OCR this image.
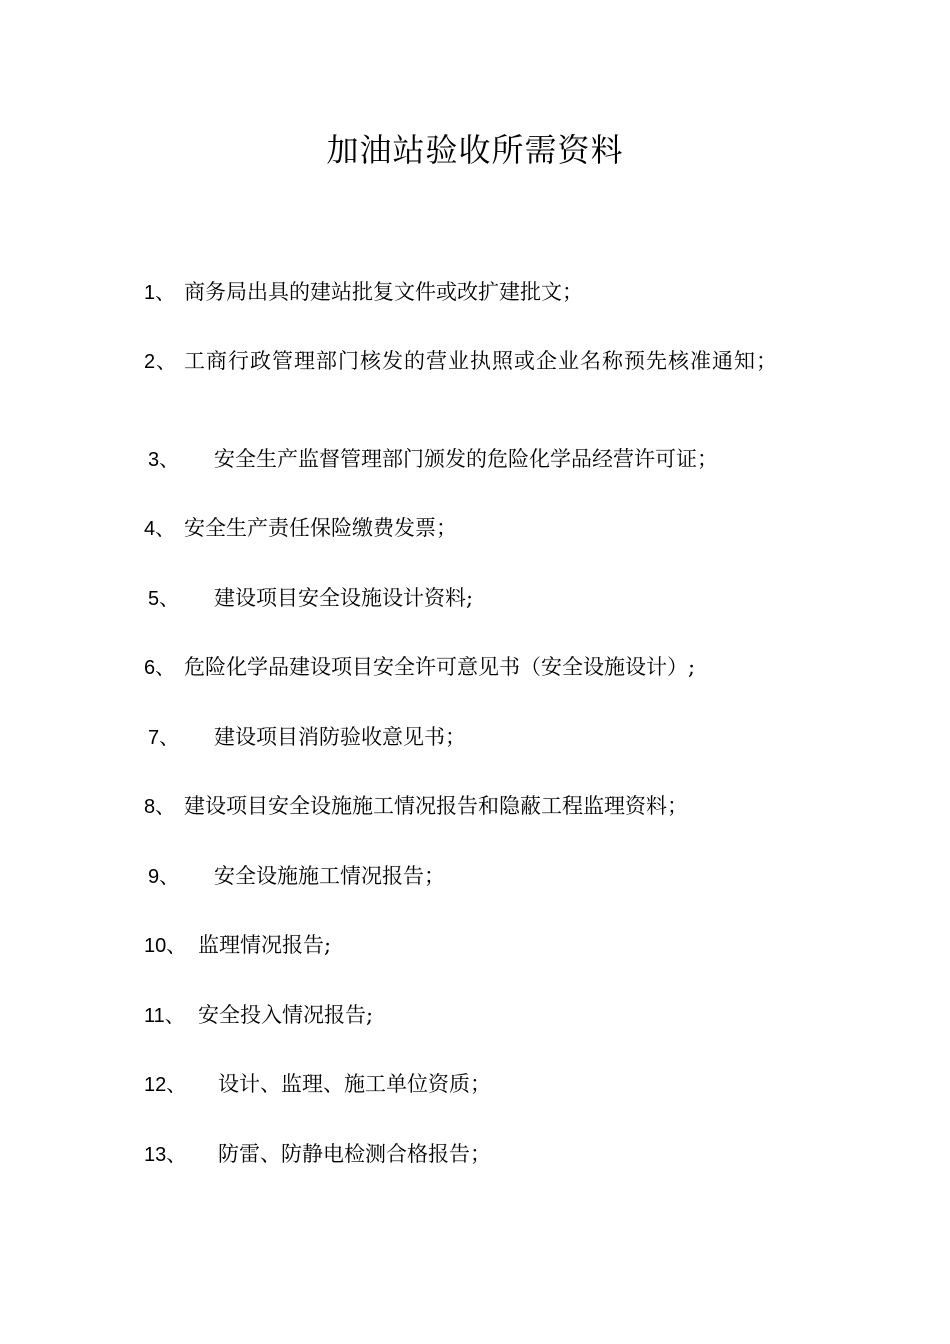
加油站验收所需资料
1、 商务局出具的建站批复文件或改扩建批文；
2、 工商行政管理部门核发的营业执照或企业名称预先核准通知；
3、 安全生产监督管理部门颁发的危险化学品经营许可证；
4、 安全生产责任保险缴费发票；
5、 建设项目安全设施设计资料;
6、 危险化学品建设项目安全许可意见书（安全设施设计）;
7、 建设项目消防验收意见书；
8、 建设项目安全设施施工情况报告和隐蔽工程监理资料；
9、 安全设施施工情况报告；
10、 监理情况报告;
11、 安全投入情况报告;
12、 设计、监理、施工单位资质；
13、 防雷、防静电检测合格报告；
